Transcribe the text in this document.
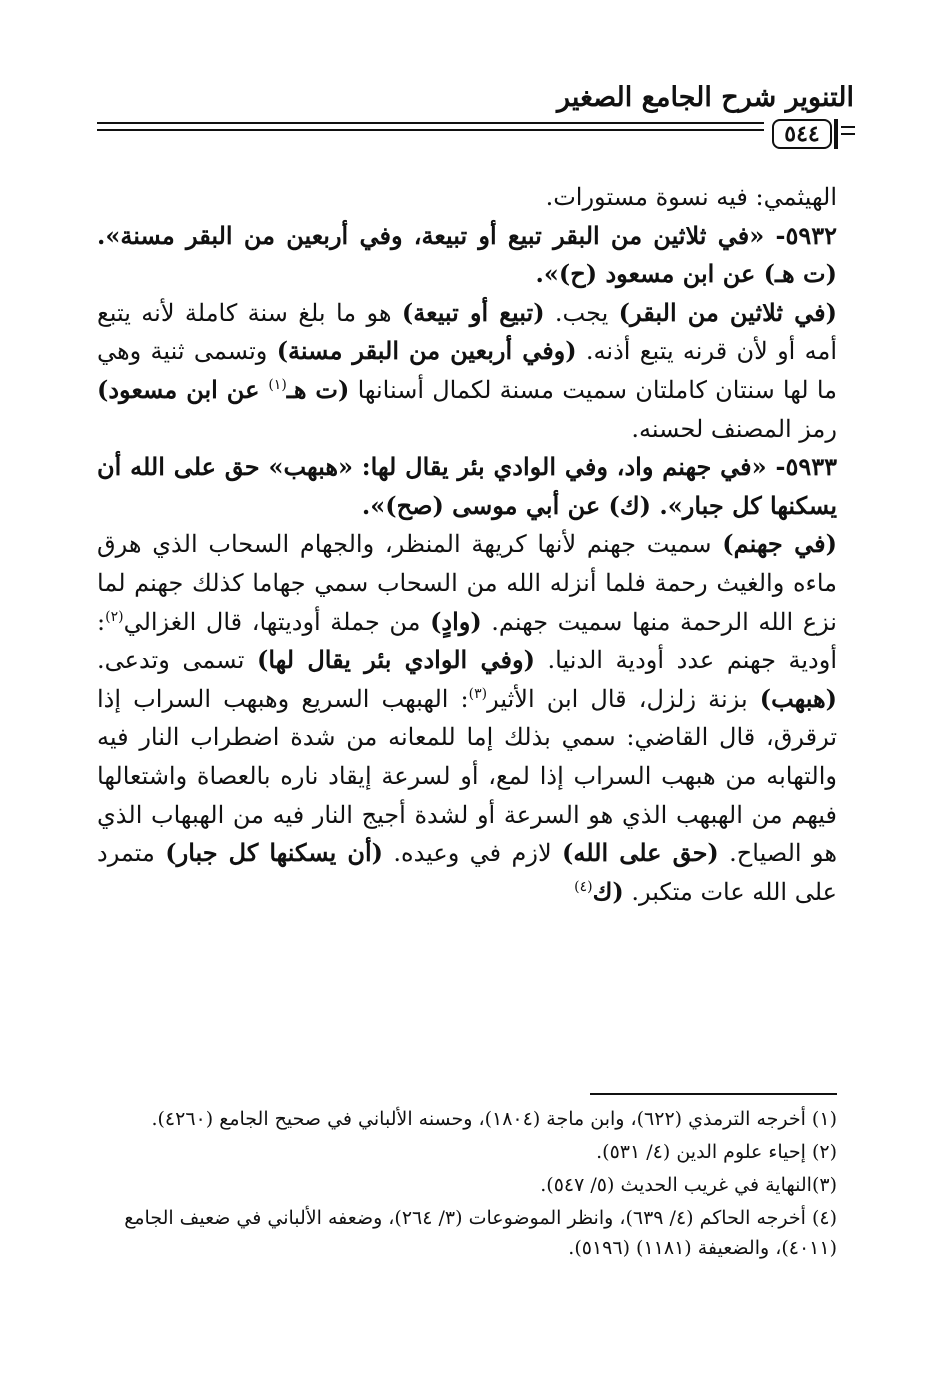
التنوير شرح الجامع الصغير
٥٤٤

الهيثمي: فيه نسوة مستورات.

٥٩٣٢- «في ثلاثين من البقر تبيع أو تبيعة، وفي أربعين من البقر مسنة». (ت هـ) عن ابن مسعود (ح)».

(في ثلاثين من البقر) يجب. (تبيع أو تبيعة) هو ما بلغ سنة كاملة لأنه يتبع أمه أو لأن قرنه يتبع أذنه. (وفي أربعين من البقر مسنة) وتسمى ثنية وهي ما لها سنتان كاملتان سميت مسنة لكمال أسنانها (ت هـ$^{(١)}$ عن ابن مسعود) رمز المصنف لحسنه.

٥٩٣٣- «في جهنم واد، وفي الوادي بئر يقال لها: «هبهب» حق على الله أن يسكنها كل جبار». (ك) عن أبي موسى (صح)».

(في جهنم) سميت جهنم لأنها كريهة المنظر، والجهام السحاب الذي هرق ماءه والغيث رحمة فلما أنزله الله من السحاب سمي جهاما كذلك جهنم لما نزع الله الرحمة منها سميت جهنم. (وادٍ) من جملة أوديتها، قال الغزالي$^{(٢)}$: أودية جهنم عدد أودية الدنيا. (وفي الوادي بئر يقال لها) تسمى وتدعى. (هبهب) بزنة زلزل، قال ابن الأثير$^{(٣)}$: الهبهب السريع وهبهب السراب إذا ترقرق، قال القاضي: سمي بذلك إما للمعانه من شدة اضطراب النار فيه والتهابه من هبهب السراب إذا لمع، أو لسرعة إيقاد ناره بالعصاة واشتعالها فيهم من الهبهب الذي هو السرعة أو لشدة أجيج النار فيه من الهبهاب الذي هو الصياح. (حق على الله) لازم في وعيده. (أن يسكنها كل جبار) متمرد على الله عات متكبر. (ك$^{(٤)}$

(١) أخرجه الترمذي (٦٢٢)، وابن ماجة (١٨٠٤)، وحسنه الألباني في صحيح الجامع (٤٢٦٠).

(٢) إحياء علوم الدين (٤/ ٥٣١).

(٣)النهاية في غريب الحديث (٥/ ٥٤٧).

(٤) أخرجه الحاكم (٤/ ٦٣٩)، وانظر الموضوعات (٣/ ٢٦٤)، وضعفه الألباني في ضعيف الجامع (٤٠١١)، والضعيفة (١١٨١) (٥١٩٦).
